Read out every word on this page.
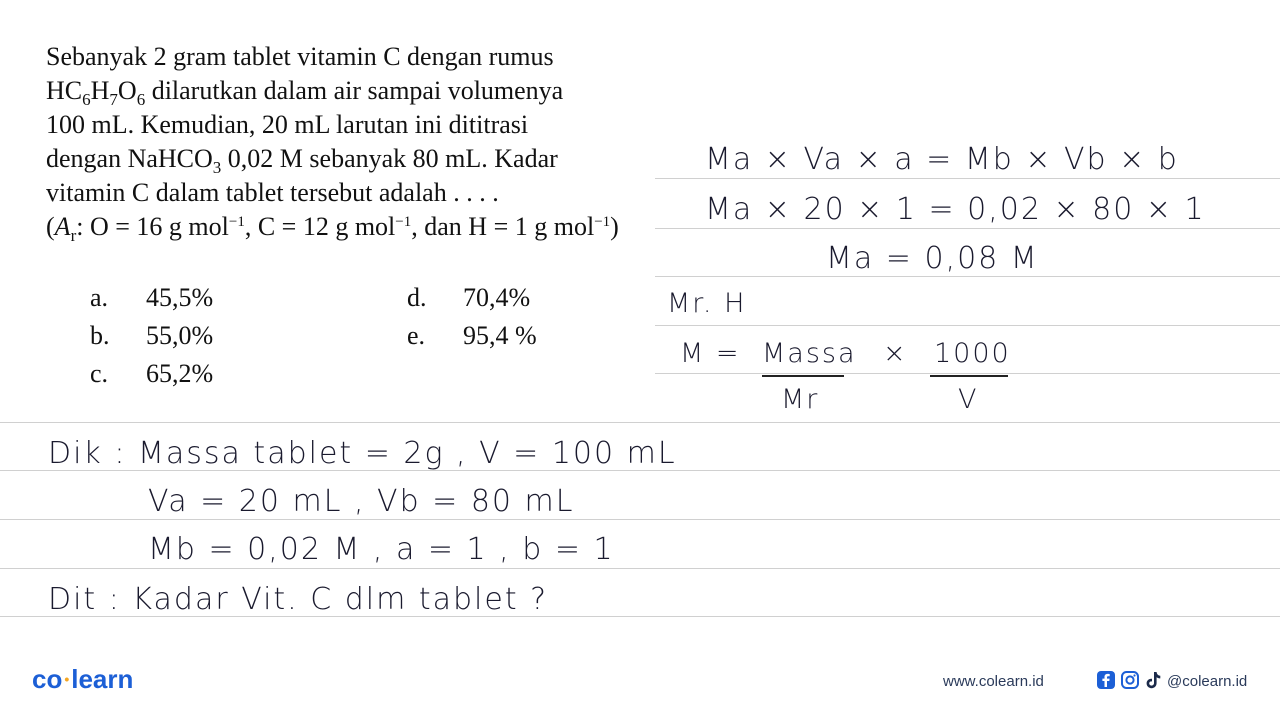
Sebanyak 2 gram tablet vitamin C dengan rumus

$HC_6H_7O_6$ dilarutkan dalam air sampai volumenya

100 mL. Kemudian, 20 mL larutan ini dititrasi

dengan NaHCO$_3$ 0,02 M sebanyak 80 mL. Kadar

vitamin C dalam tablet tersebut adalah . . . .

($A_r$: O = 16 g mol$^{-1}$, C = 12 g mol$^{-1}$, dan H = 1 g mol$^{-1}$)

a. 45,5%
b. 55,0%
c. 65,2%
d. 70,4%
e. 95,4 %
Ma × Va × a = Mb × Vb × b
Ma × 20 × 1 = 0,02 × 80 × 1
Ma = 0,08 M
Mr. H
M = Massa
Mr
× 1000
V
Dik : Massa tablet = 2g , V = 100 mL
Va = 20 mL , Vb = 80 mL
Mb = 0,02 M , a = 1 , b = 1
Dit : Kadar Vit. C dlm tablet ?
co •learn	www.colearn.id	@colearn.id
